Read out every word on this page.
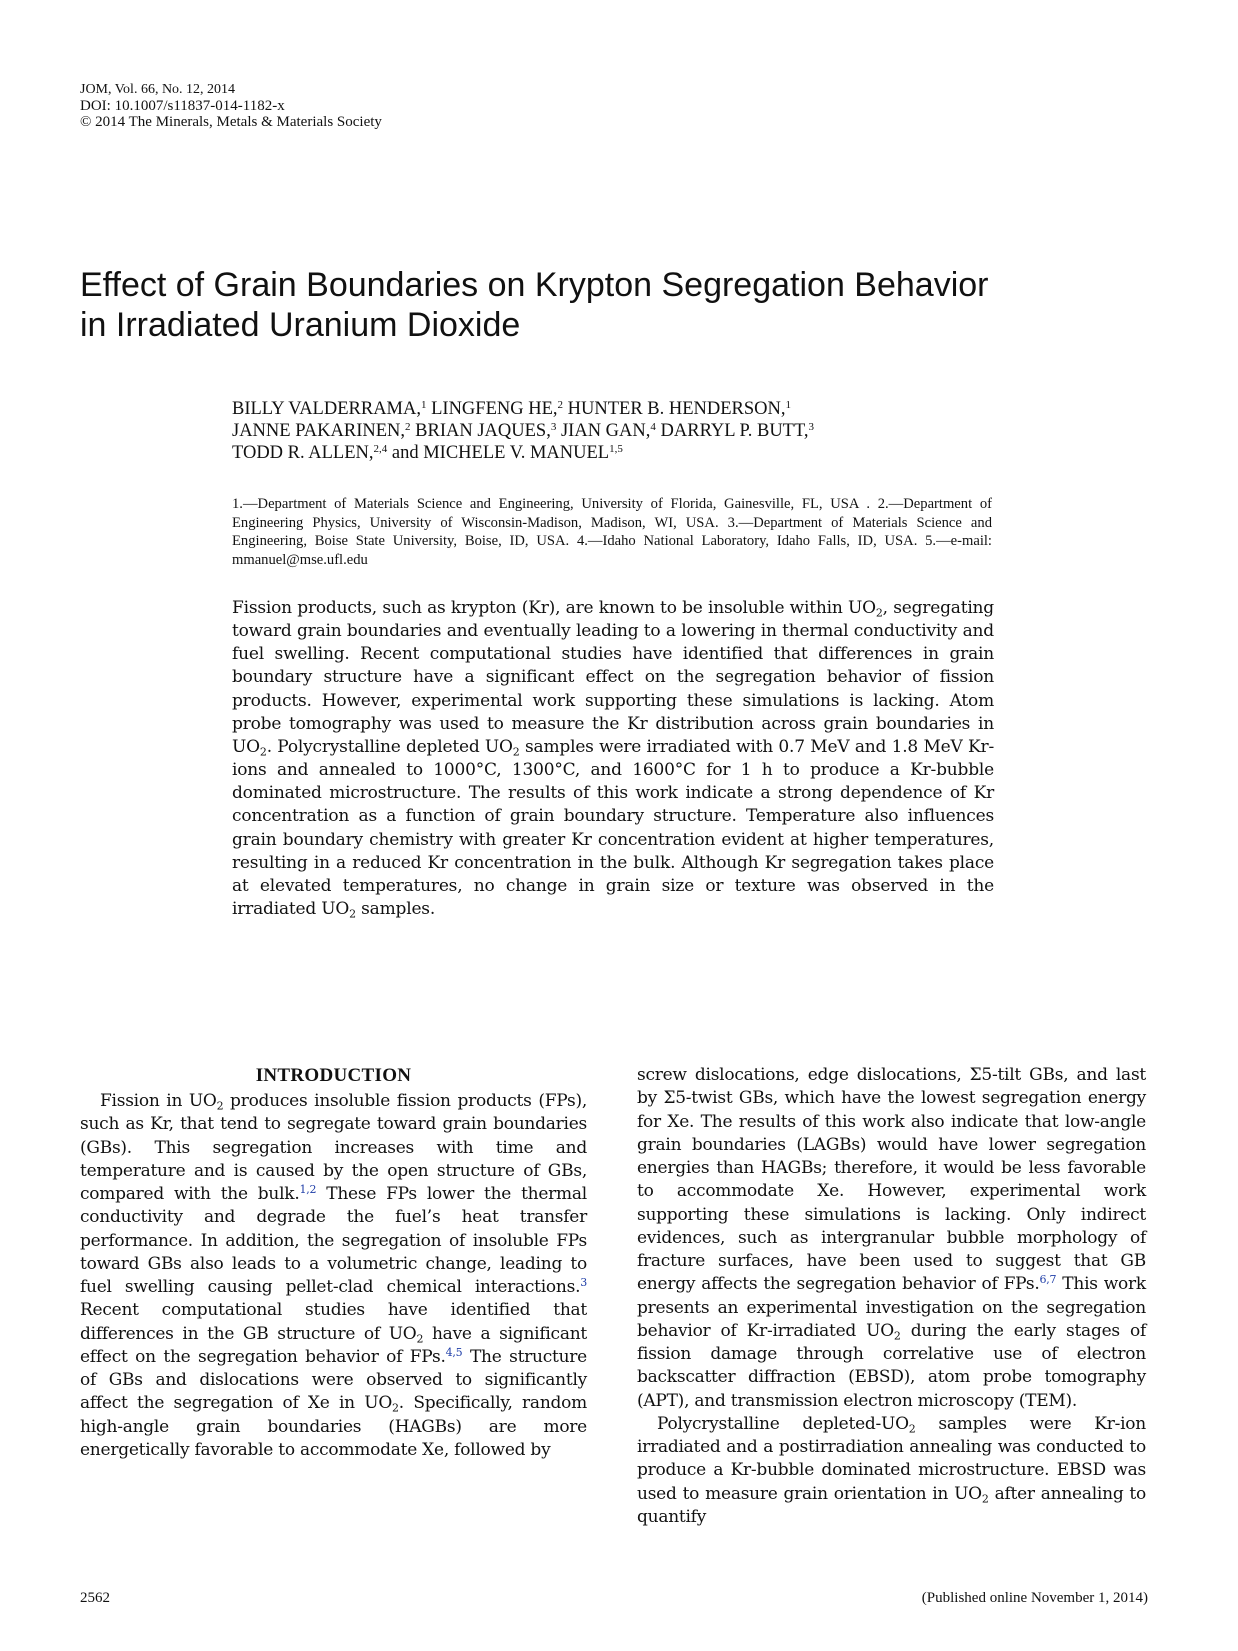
JOM, Vol. 66, No. 12, 2014
DOI: 10.1007/s11837-014-1182-x
© 2014 The Minerals, Metals & Materials Society
Effect of Grain Boundaries on Krypton Segregation Behavior
in Irradiated Uranium Dioxide

BILLY VALDERRAMA,$^1$ LINGFENG HE,$^2$ HUNTER B. HENDERSON,$^1$
JANNE PAKARINEN,$^2$ BRIAN JAQUES,$^3$ JIAN GAN,$^4$ DARRYL P. BUTT,$^3$
TODD R. ALLEN,$^{2,4}$ and MICHELE V. MANUEL$^{1,5}$

1.—Department of Materials Science and Engineering, University of Florida, Gainesville, FL, USA . 2.—Department of Engineering Physics, University of Wisconsin-Madison, Madison, WI, USA. 3.—Department of Materials Science and Engineering, Boise State University, Boise, ID, USA. 4.—Idaho National Laboratory, Idaho Falls, ID, USA. 5.—e-mail: mmanuel@mse.ufl.edu

Fission products, such as krypton (Kr), are known to be insoluble within $UO_2$, segregating toward grain boundaries and eventually leading to a lowering in thermal conductivity and fuel swelling. Recent computational studies have identified that differences in grain boundary structure have a significant effect on the segregation behavior of fission products. However, experimental work supporting these simulations is lacking. Atom probe tomography was used to measure the Kr distribution across grain boundaries in $UO_2$. Polycrystalline depleted $UO_2$ samples were irradiated with 0.7 MeV and 1.8 MeV Kr-ions and annealed to 1000°C, 1300°C, and 1600°C for 1 h to produce a Kr-bubble dominated microstructure. The results of this work indicate a strong dependence of Kr concentration as a function of grain boundary structure. Temperature also influences grain boundary chemistry with greater Kr concentration evident at higher temperatures, resulting in a reduced Kr concentration in the bulk. Although Kr segregation takes place at elevated temperatures, no change in grain size or texture was observed in the irradiated $UO_2$ samples.

INTRODUCTION

Fission in $UO_2$ produces insoluble fission products (FPs), such as Kr, that tend to segregate toward grain boundaries (GBs). This segregation increases with time and temperature and is caused by the open structure of GBs, compared with the bulk.$^{1,2}$ These FPs lower the thermal conductivity and degrade the fuel’s heat transfer performance. In addition, the segregation of insoluble FPs toward GBs also leads to a volumetric change, leading to fuel swelling causing pellet-clad chemical interactions.$^3$ Recent computational studies have identified that differences in the GB structure of $UO_2$ have a significant effect on the segregation behavior of FPs.$^{4,5}$ The structure of GBs and dislocations were observed to significantly affect the segregation of Xe in $UO_2$. Specifically, random high-angle grain boundaries (HAGBs) are more energetically favorable to accommodate Xe, followed by

screw dislocations, edge dislocations, Σ5-tilt GBs, and last by Σ5-twist GBs, which have the lowest segregation energy for Xe. The results of this work also indicate that low-angle grain boundaries (LAGBs) would have lower segregation energies than HAGBs; therefore, it would be less favorable to accommodate Xe. However, experimental work supporting these simulations is lacking. Only indirect evidences, such as intergranular bubble morphology of fracture surfaces, have been used to suggest that GB energy affects the segregation behavior of FPs.$^{6,7}$ This work presents an experimental investigation on the segregation behavior of Kr-irradiated $UO_2$ during the early stages of fission damage through correlative use of electron backscatter diffraction (EBSD), atom probe tomography (APT), and transmission electron microscopy (TEM).

Polycrystalline depleted-$UO_2$ samples were Kr-ion irradiated and a postirradiation annealing was conducted to produce a Kr-bubble dominated microstructure. EBSD was used to measure grain orientation in $UO_2$ after annealing to quantify

2562	(Published online November 1, 2014)
